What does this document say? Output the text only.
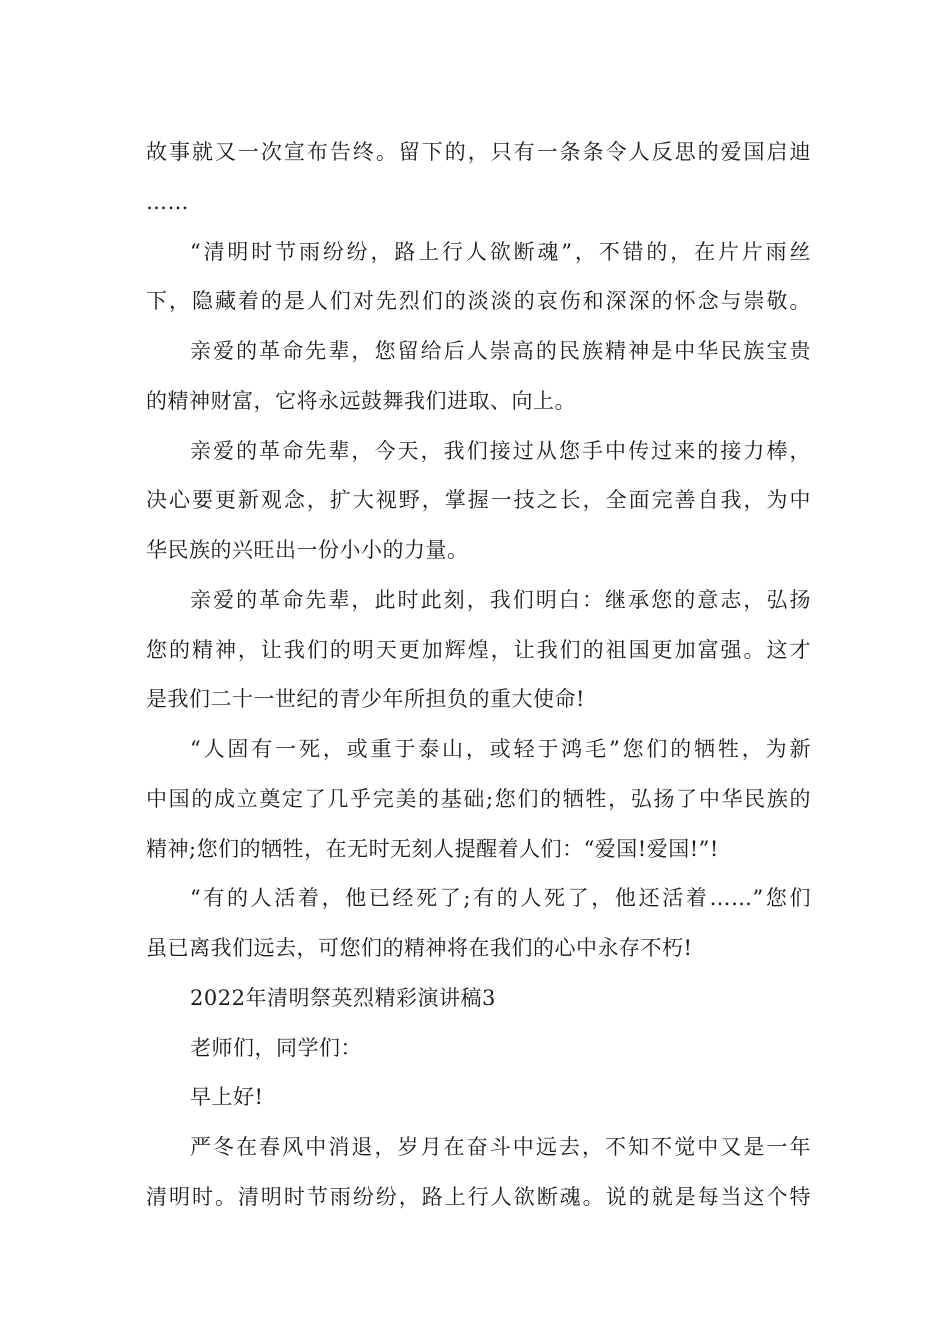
故事就又一次宣布告终。留下的，只有一条条令人反思的爱国启迪
……
“清明时节雨纷纷，路上行人欲断魂”，不错的，在片片雨丝
下，隐藏着的是人们对先烈们的淡淡的哀伤和深深的怀念与崇敬。
亲爱的革命先辈，您留给后人崇高的民族精神是中华民族宝贵
的精神财富，它将永远鼓舞我们进取、向上。
亲爱的革命先辈，今天，我们接过从您手中传过来的接力棒，
决心要更新观念，扩大视野，掌握一技之长，全面完善自我，为中
华民族的兴旺出一份小小的力量。
亲爱的革命先辈，此时此刻，我们明白：继承您的意志，弘扬
您的精神，让我们的明天更加辉煌，让我们的祖国更加富强。这才
是我们二十一世纪的青少年所担负的重大使命!
“人固有一死，或重于泰山，或轻于鸿毛”您们的牺牲，为新
中国的成立奠定了几乎完美的基础;您们的牺牲，弘扬了中华民族的
精神;您们的牺牲，在无时无刻人提醒着人们：“爱国!爱国!”!
“有的人活着，他已经死了;有的人死了，他还活着……”您们
虽已离我们远去，可您们的精神将在我们的心中永存不朽!
2022年清明祭英烈精彩演讲稿3
老师们，同学们：
早上好!
严冬在春风中消退，岁月在奋斗中远去，不知不觉中又是一年
清明时。清明时节雨纷纷，路上行人欲断魂。说的就是每当这个特
